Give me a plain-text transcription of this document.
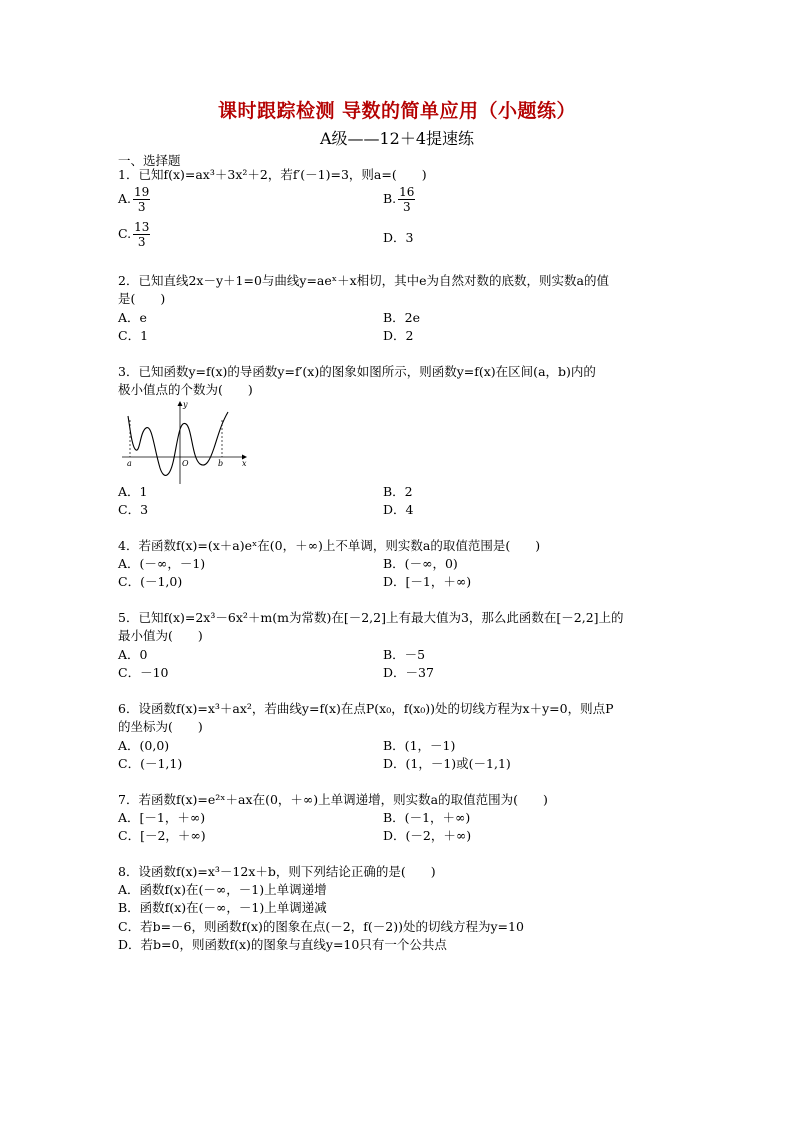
课时跟踪检测 导数的简单应用（小题练）
A级——12＋4提速练
一、选择题
1．已知f(x)=ax³＋3x²＋2，若f′(－1)=3，则a=(　　)
A. $\frac{19}{3}$	B. $\frac{16}{3}$
C. $\frac{13}{3}$	D．3
2．已知直线2x－y＋1=0与曲线y=aeˣ＋x相切，其中e为自然对数的底数，则实数a的值
是(　　)
A．e	B．2e
C．1	D．2
3．已知函数y=f(x)的导函数y=f′(x)的图象如图所示，则函数y=f(x)在区间(a，b)内的
极小值点的个数为(　　)
y
x
a	O	b
A．1	B．2
C．3	D．4
4．若函数f(x)=(x＋a)eˣ在(0，＋∞)上不单调，则实数a的取值范围是(　　)
A．(－∞，－1)	B．(－∞，0)
C．(－1,0)	D．[－1，＋∞)
5．已知f(x)=2x³－6x²＋m(m为常数)在[－2,2]上有最大值为3，那么此函数在[－2,2]上的
最小值为(　　)
A．0	B．－5
C．－10	D．－37
6．设函数f(x)=x³＋ax²，若曲线y=f(x)在点P(x₀，f(x₀))处的切线方程为x＋y=0，则点P
的坐标为(　　)
A．(0,0)	B．(1，－1)
C．(－1,1)	D．(1，－1)或(－1,1)
7．若函数f(x)=e²ˣ＋ax在(0，＋∞)上单调递增，则实数a的取值范围为(　　)
A．[－1，＋∞)	B．(－1，＋∞)
C．[－2，＋∞)	D．(－2，＋∞)
8．设函数f(x)=x³－12x＋b，则下列结论正确的是(　　)
A．函数f(x)在(－∞，－1)上单调递增
B．函数f(x)在(－∞，－1)上单调递减
C．若b=－6，则函数f(x)的图象在点(－2，f(－2))处的切线方程为y=10
D．若b=0，则函数f(x)的图象与直线y=10只有一个公共点
